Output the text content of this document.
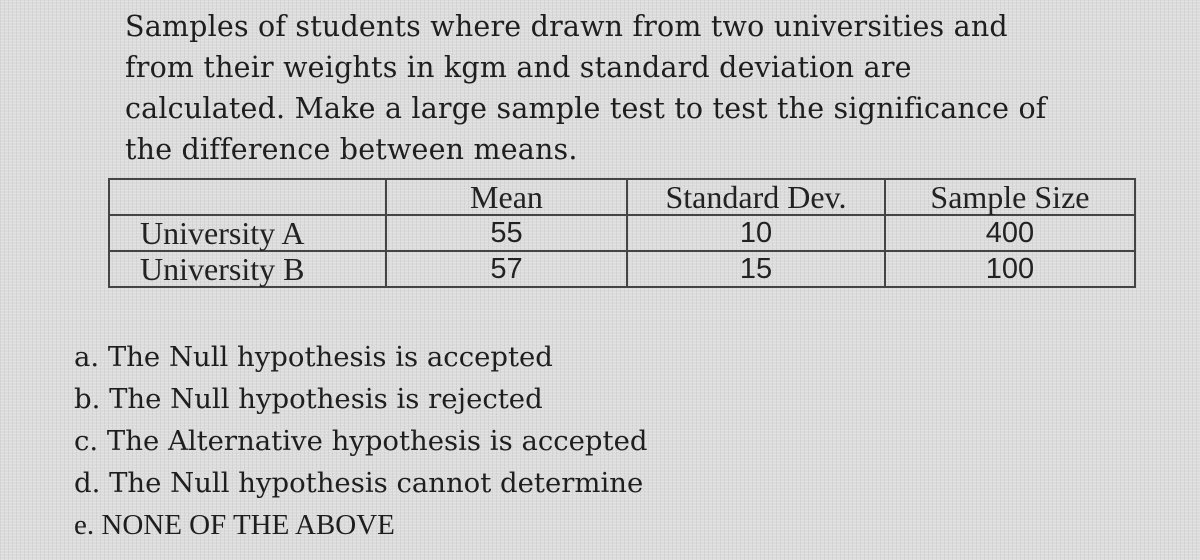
Samples of students where drawn from two universities and
from their weights in kgm and standard deviation are
calculated. Make a large sample test to test the significance of
the difference between means.
	Mean	Standard Dev.	Sample Size
University A	55	10	400
University B	57	15	100
a. The Null hypothesis is accepted
b. The Null hypothesis is rejected
c. The Alternative hypothesis is accepted
d. The Null hypothesis cannot determine
e. NONE OF THE ABOVE
